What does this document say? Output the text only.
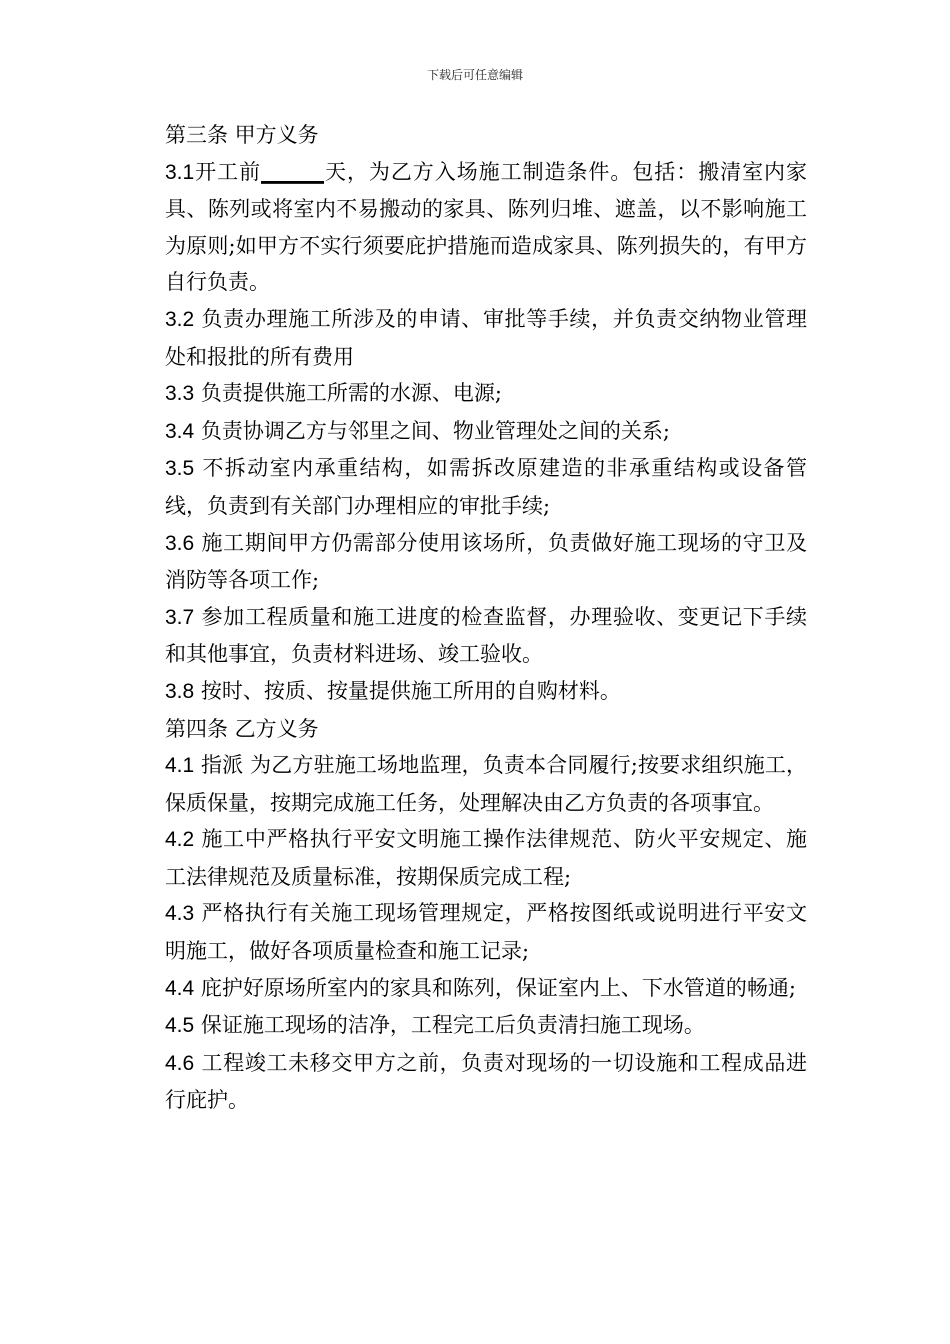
下载后可任意编辑

第三条 甲方义务

3.1开工前______天，为乙方入场施工制造条件。包括：搬清室内家具、陈列或将室内不易搬动的家具、陈列归堆、遮盖，以不影响施工为原则;如甲方不实行须要庇护措施而造成家具、陈列损失的，有甲方自行负责。

3.2 负责办理施工所涉及的申请、审批等手续，并负责交纳物业管理处和报批的所有费用

3.3 负责提供施工所需的水源、电源;

3.4 负责协调乙方与邻里之间、物业管理处之间的关系;

3.5 不拆动室内承重结构，如需拆改原建造的非承重结构或设备管线，负责到有关部门办理相应的审批手续;

3.6 施工期间甲方仍需部分使用该场所，负责做好施工现场的守卫及消防等各项工作;

3.7 参加工程质量和施工进度的检查监督，办理验收、变更记下手续和其他事宜，负责材料进场、竣工验收。

3.8 按时、按质、按量提供施工所用的自购材料。

第四条 乙方义务

4.1 指派 为乙方驻施工场地监理，负责本合同履行;按要求组织施工，保质保量，按期完成施工任务，处理解决由乙方负责的各项事宜。

4.2 施工中严格执行平安文明施工操作法律规范、防火平安规定、施工法律规范及质量标准，按期保质完成工程;

4.3 严格执行有关施工现场管理规定，严格按图纸或说明进行平安文明施工，做好各项质量检查和施工记录;

4.4 庇护好原场所室内的家具和陈列，保证室内上、下水管道的畅通;

4.5 保证施工现场的洁净，工程完工后负责清扫施工现场。

4.6 工程竣工未移交甲方之前，负责对现场的一切设施和工程成品进行庇护。
